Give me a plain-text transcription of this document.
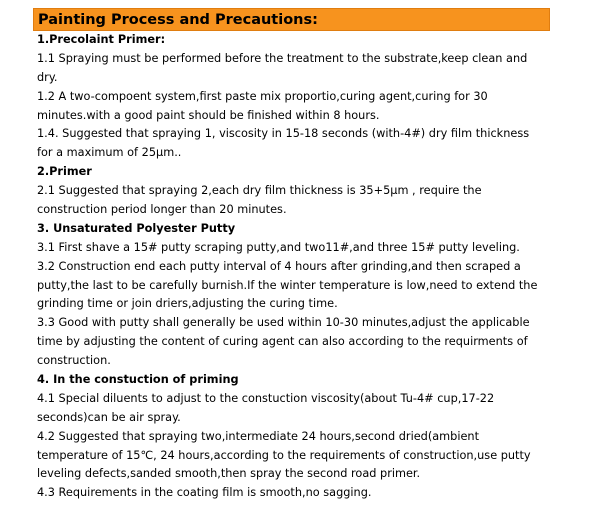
Painting Process and Precautions:
1.Precolaint Primer:
1.1 Spraying must be performed before the treatment to the substrate,keep clean and
dry.
1.2 A two-compoent system,first paste mix proportio,curing agent,curing for 30
minutes.with a good paint should be finished within 8 hours.
1.4. Suggested that spraying 1, viscosity in 15-18 seconds (with-4#) dry film thickness
for a maximum of 25μm..
2.Primer
2.1 Suggested that spraying 2,each dry film thickness is 35+5μm , require the
construction period longer than 20 minutes.
3. Unsaturated Polyester Putty
3.1 First shave a 15# putty scraping putty,and two11#,and three 15# putty leveling.
3.2 Construction end each putty interval of 4 hours after grinding,and then scraped a
putty,the last to be carefully burnish.If the winter temperature is low,need to extend the
grinding time or join driers,adjusting the curing time.
3.3 Good with putty shall generally be used within 10-30 minutes,adjust the applicable
time by adjusting the content of curing agent can also according to the requirments of
construction.
4. In the constuction of priming
4.1 Special diluents to adjust to the constuction viscosity(about Tu-4# cup,17-22
seconds)can be air spray.
4.2 Suggested that spraying two,intermediate 24 hours,second dried(ambient
temperature of 15℃, 24 hours,according to the requirements of construction,use putty
leveling defects,sanded smooth,then spray the second road primer.
4.3 Requirements in the coating film is smooth,no sagging.
